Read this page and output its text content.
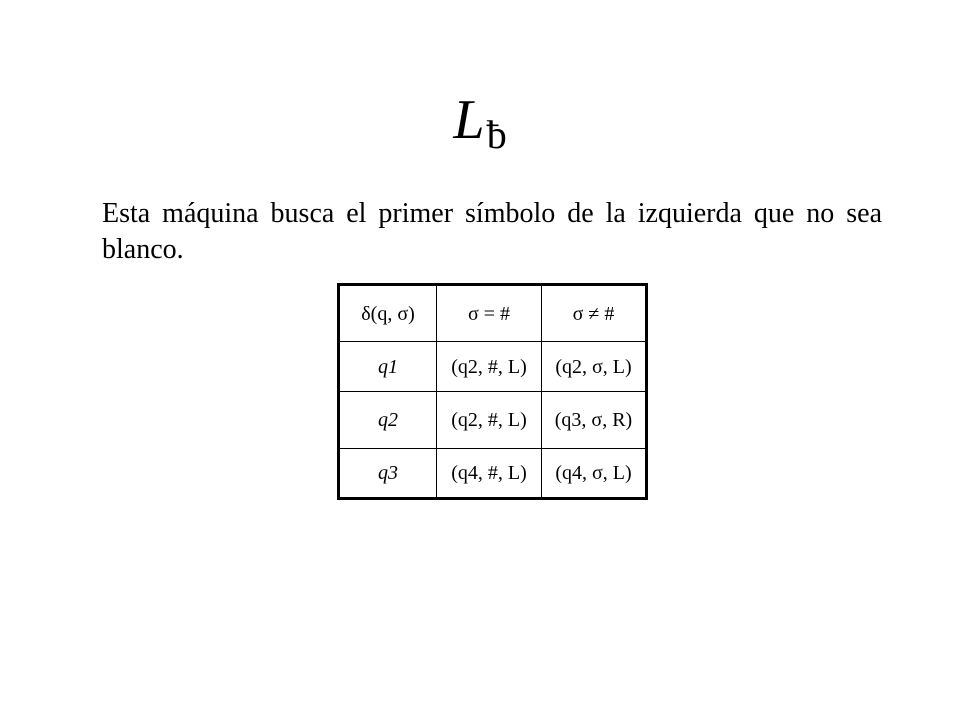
Lƀ

Esta máquina busca el primer símbolo de la izquierda que no sea blanco.

δ(q, σ)	σ = #	σ ≠ #
q1	(q2, #, L)	(q2, σ, L)
q2	(q2, #, L)	(q3, σ, R)
q3	(q4, #, L)	(q4, σ, L)
